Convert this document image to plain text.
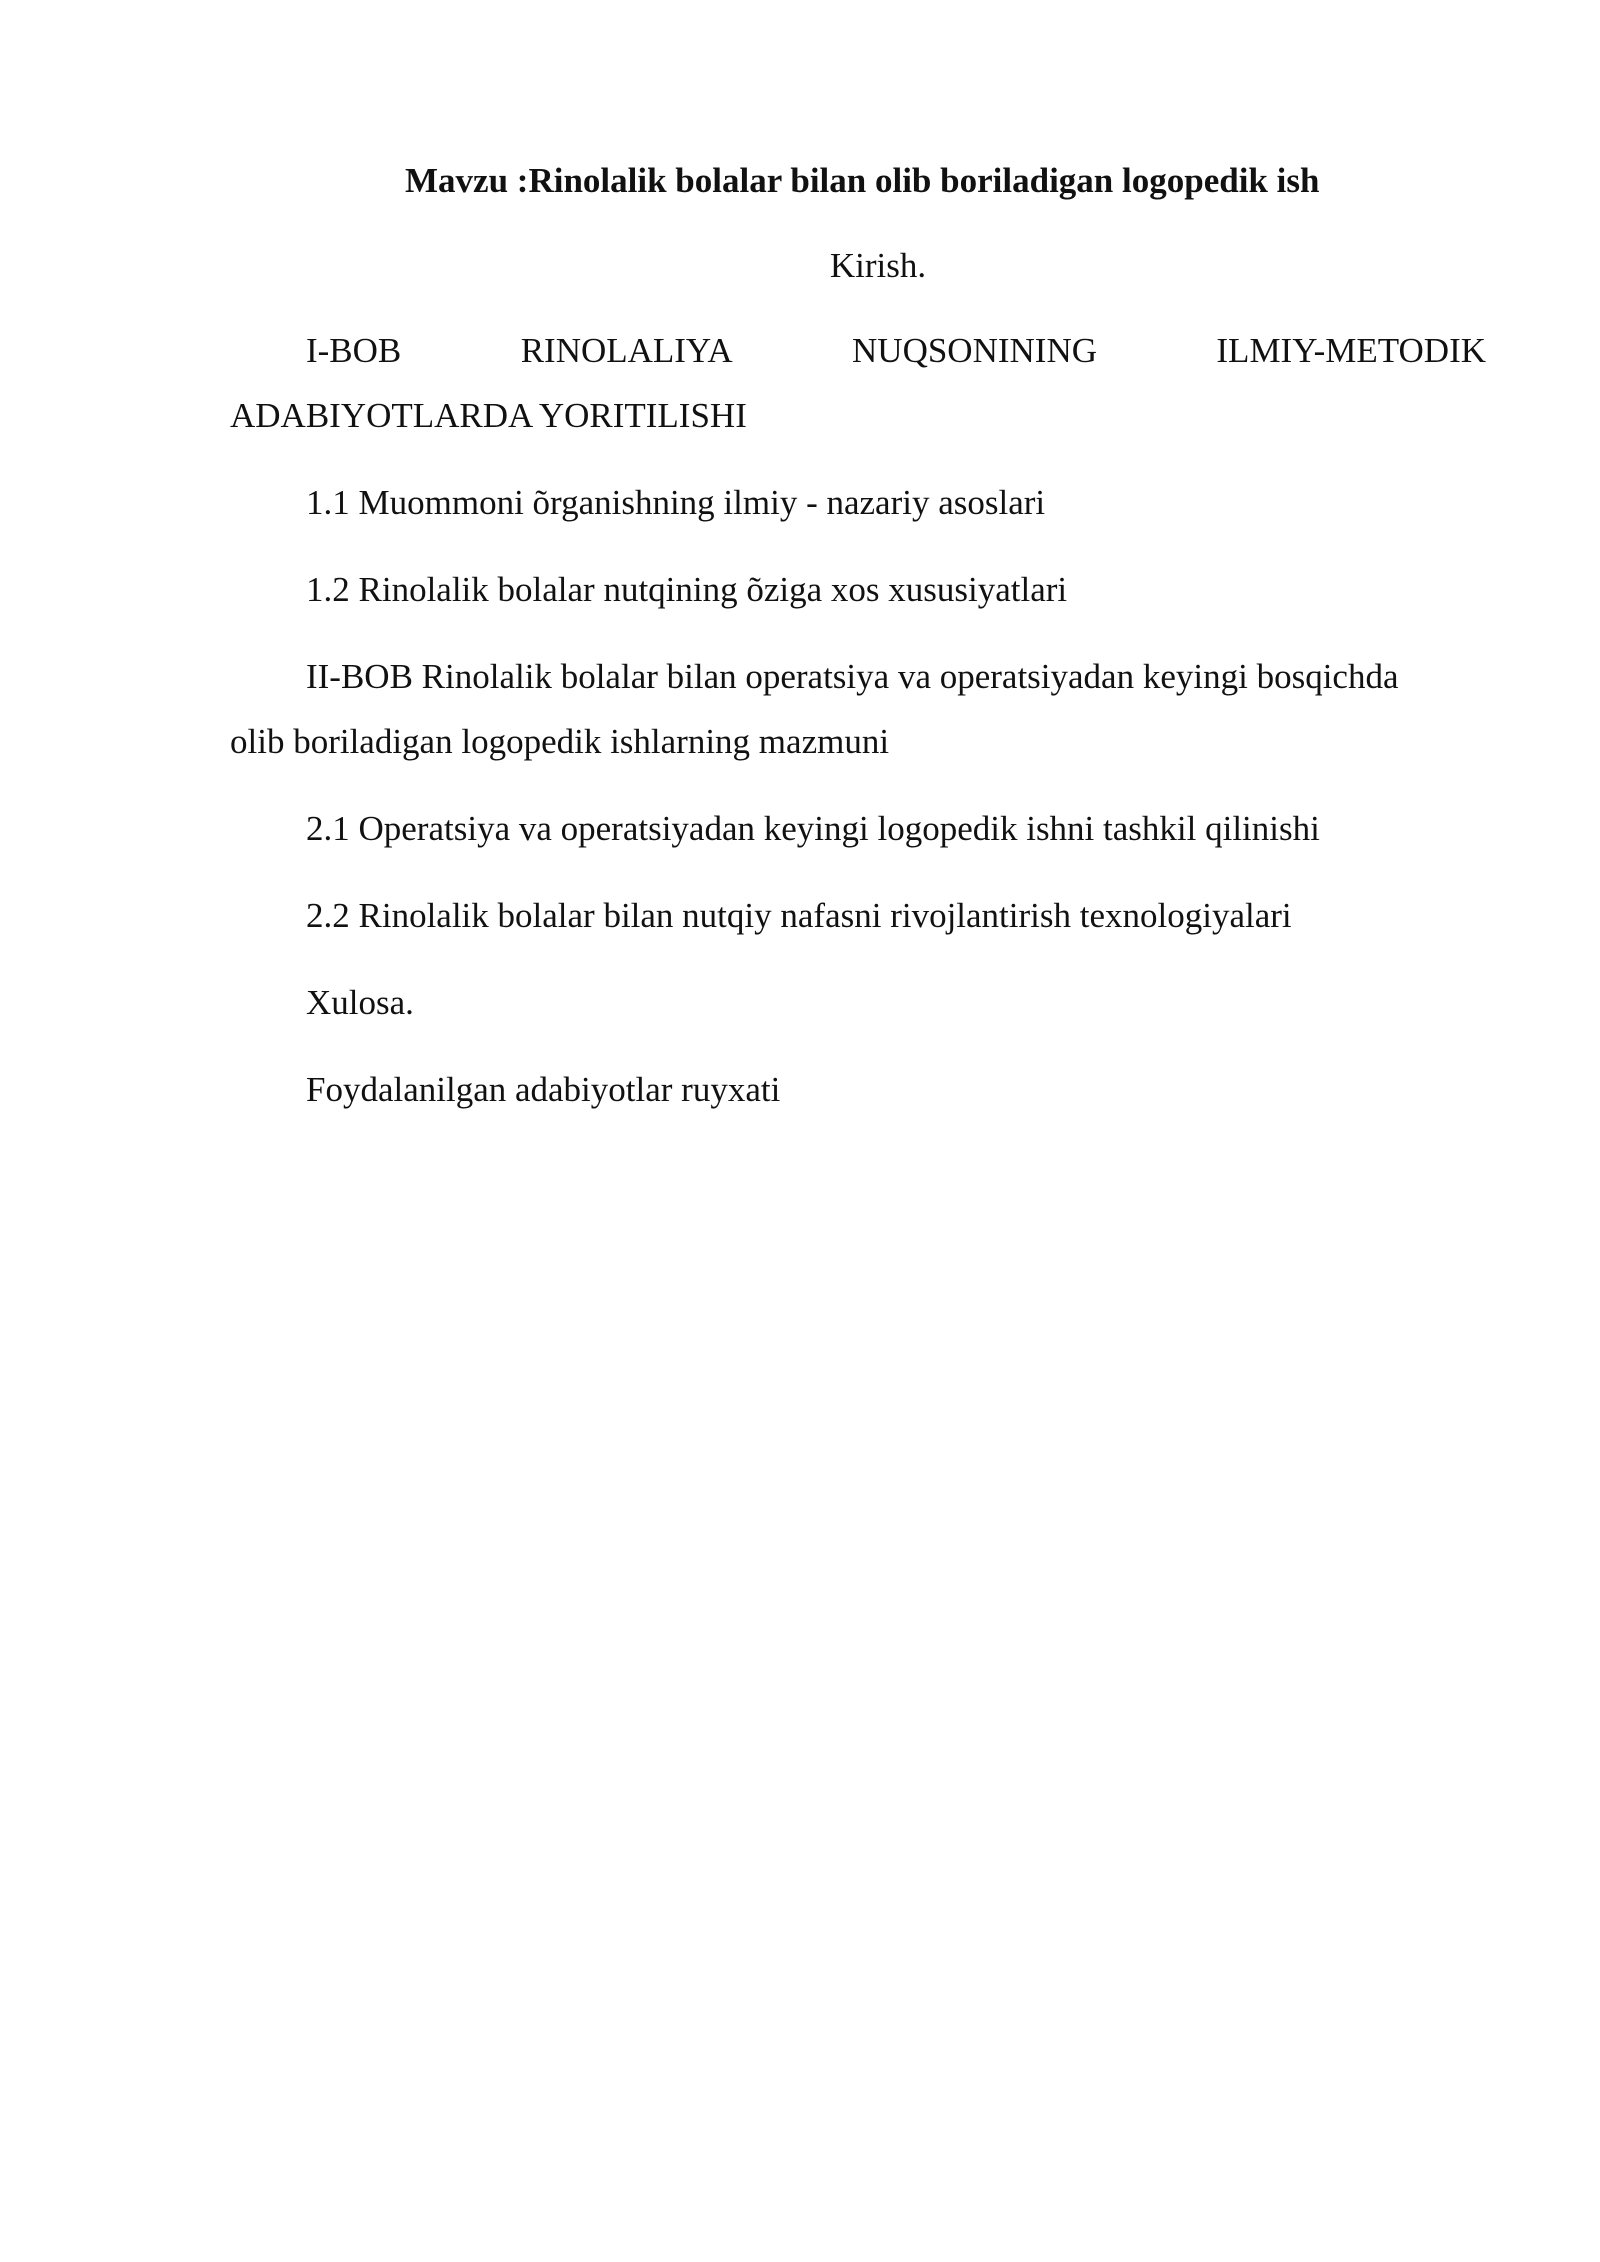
Mavzu :Rinolalik bolalar bilan olib boriladigan logopedik ish
Kirish.
I-BOB	RINOLALIYA	NUQSONINING	ILMIY-METODIK
ADABIYOTLARDA YORITILISHI
1.1 Muommoni õrganishning ilmiy - nazariy asoslari
1.2 Rinolalik bolalar nutqining õziga xos xususiyatlari
II-BOB Rinolalik bolalar bilan operatsiya va operatsiyadan keyingi bosqichda
olib boriladigan logopedik ishlarning mazmuni
2.1 Operatsiya va operatsiyadan keyingi logopedik ishni tashkil qilinishi
2.2 Rinolalik bolalar bilan nutqiy nafasni rivojlantirish texnologiyalari
Xulosa.
Foydalanilgan adabiyotlar ruyxati
